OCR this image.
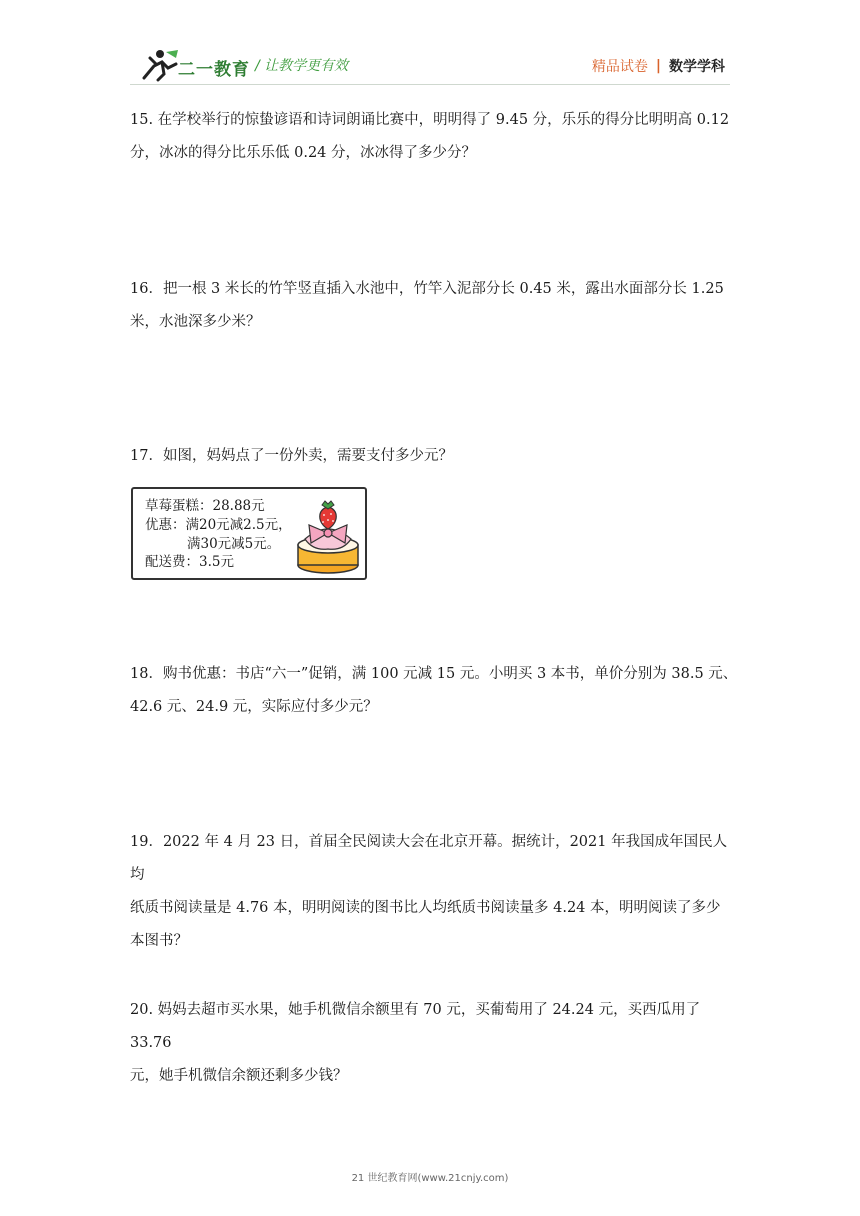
二一教育 / 让教学更有效	精品试卷 | 数学学科

15. 在学校举行的惊蛰谚语和诗词朗诵比赛中，明明得了 9.45 分，乐乐的得分比明明高 0.12

分，冰冰的得分比乐乐低 0.24 分，冰冰得了多少分？

16．把一根 3 米长的竹竿竖直插入水池中，竹竿入泥部分长 0.45 米，露出水面部分长 1.25

米，水池深多少米？

17．如图，妈妈点了一份外卖，需要支付多少元？

草莓蛋糕：28.88元
优惠：满20元减2.5元，
满30元减5元。
配送费：3.5元

18．购书优惠：书店“六一”促销，满 100 元减 15 元。小明买 3 本书，单价分别为 38.5 元、

42.6 元、24.9 元，实际应付多少元？

19．2022 年 4 月 23 日，首届全民阅读大会在北京开幕。据统计，2021 年我国成年国民人均

纸质书阅读量是 4.76 本，明明阅读的图书比人均纸质书阅读量多 4.24 本，明明阅读了多少

本图书？

20. 妈妈去超市买水果，她手机微信余额里有 70 元，买葡萄用了 24.24 元，买西瓜用了 33.76

元，她手机微信余额还剩多少钱？

21 世纪教育网(www.21cnjy.com)
